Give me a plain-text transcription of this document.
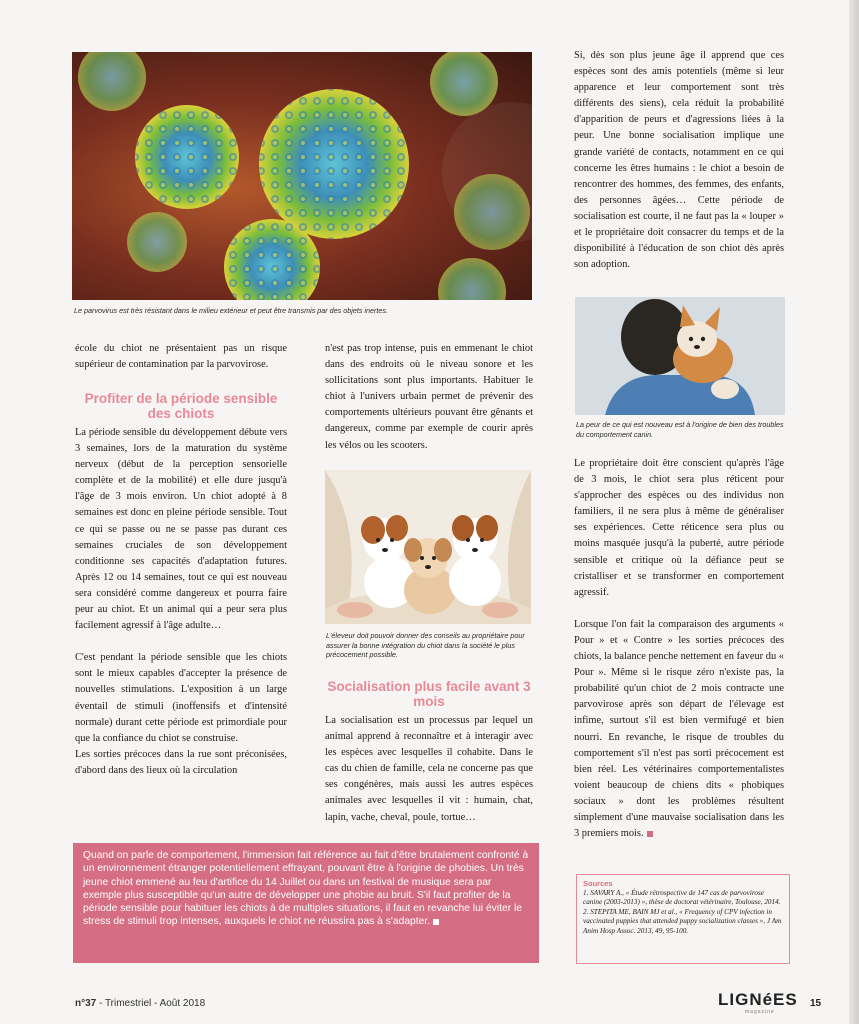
Le parvovirus est très résistant dans le milieu extérieur et peut être transmis par des objets inertes.

école du chiot ne présentaient pas un risque supérieur de contamination par la parvovirose.

Profiter de la période sensible des chiots

La période sensible du développement débute vers 3 semaines, lors de la maturation du système nerveux (début de la perception sensorielle complète et de la mobilité) et elle dure jusqu'à l'âge de 3 mois environ. Un chiot adopté à 8 semaines est donc en pleine période sensible. Tout ce qui se passe ou ne se passe pas durant ces semaines cruciales de son développement conditionne ses capacités d'adaptation futures. Après 12 ou 14 semaines, tout ce qui est nouveau sera considéré comme dangereux et pourra faire peur au chiot. Et un animal qui a peur sera plus facilement agressif à l'âge adulte…

C'est pendant la période sensible que les chiots sont le mieux capables d'accepter la présence de nouvelles stimulations. L'exposition à un large éventail de stimuli (inoffensifs et d'intensité normale) durant cette période est primordiale pour que la confiance du chiot se construise.

Les sorties précoces dans la rue sont préconisées, d'abord dans des lieux où la circulation

n'est pas trop intense, puis en emmenant le chiot dans des endroits où le niveau sonore et les sollicitations sont plus importants. Habituer le chiot à l'univers urbain permet de prévenir des comportements ultérieurs pouvant être gênants et dangereux, comme par exemple de courir après les vélos ou les scooters.

L'éleveur doit pouvoir donner des conseils au propriétaire pour assurer la bonne intégration du chiot dans la société le plus précocement possible.
Socialisation plus facile avant 3 mois

La socialisation est un processus par lequel un animal apprend à reconnaître et à interagir avec les espèces avec lesquelles il cohabite. Dans le cas du chien de famille, cela ne concerne pas que ses congénères, mais aussi les autres espèces animales avec lesquelles il vit : humain, chat, lapin, vache, cheval, poule, tortue…

Si, dès son plus jeune âge il apprend que ces espèces sont des amis potentiels (même si leur apparence et leur comportement sont très différents des siens), cela réduit la probabilité d'apparition de peurs et d'agressions liées à la peur. Une bonne socialisation implique une grande variété de contacts, notamment en ce qui concerne les êtres humains : le chiot a besoin de rencontrer des hommes, des femmes, des enfants, des personnes âgées… Cette période de socialisation est courte, il ne faut pas la « louper » et le propriétaire doit consacrer du temps et de la disponibilité à l'éducation de son chiot dès après son adoption.

La peur de ce qui est nouveau est à l'origine de bien des troubles du comportement canin.

Le propriétaire doit être conscient qu'après l'âge de 3 mois, le chiot sera plus réticent pour s'approcher des espèces ou des individus non familiers, il ne sera plus à même de généraliser ses expériences. Cette réticence sera plus ou moins masquée jusqu'à la puberté, autre période sensible et critique où la défiance peut se cristalliser et se transformer en comportement agressif.

Lorsque l'on fait la comparaison des arguments « Pour » et « Contre » les sorties précoces des chiots, la balance penche nettement en faveur du « Pour ». Même si le risque zéro n'existe pas, la probabilité qu'un chiot de 2 mois contracte une parvovirose après son départ de l'élevage est infime, surtout s'il est bien vermifugé et bien nourri. En revanche, le risque de troubles du comportement s'il n'est pas sorti précocement est bien réel. Les vétérinaires comportementalistes voient beaucoup de chiens dits « phobiques sociaux » dont les problèmes résultent simplement d'une mauvaise socialisation dans les 3 premiers mois.

Quand on parle de comportement, l'immersion fait référence au fait d'être brutalement confronté à un environnement étranger potentiellement effrayant, pouvant être à l'origine de phobies. Un très jeune chiot emmené au feu d'artifice du 14 Juillet ou dans un festival de musique sera par exemple plus susceptible qu'un autre de développer une phobie au bruit. S'il faut profiter de la période sensible pour habituer les chiots à de multiples situations, il faut en revanche lui éviter le stress de stimuli trop intenses, auxquels le chiot ne réussira pas à s'adapter.
Sources
1. SAVARY A., « Étude rétrospective de 147 cas de parvovirose canine (2003-2013) », thèse de doctorat vétérinaire, Toulouse, 2014.
2. STEPITA ME, BAIN MJ et al., « Frequency of CPV infection in vaccinated puppies that attended puppy socialization classes », J Am Anim Hosp Assoc. 2013, 49, 95-100.
n°37 - Trimestriel - Août 2018	LIGNéES
magazine
15
